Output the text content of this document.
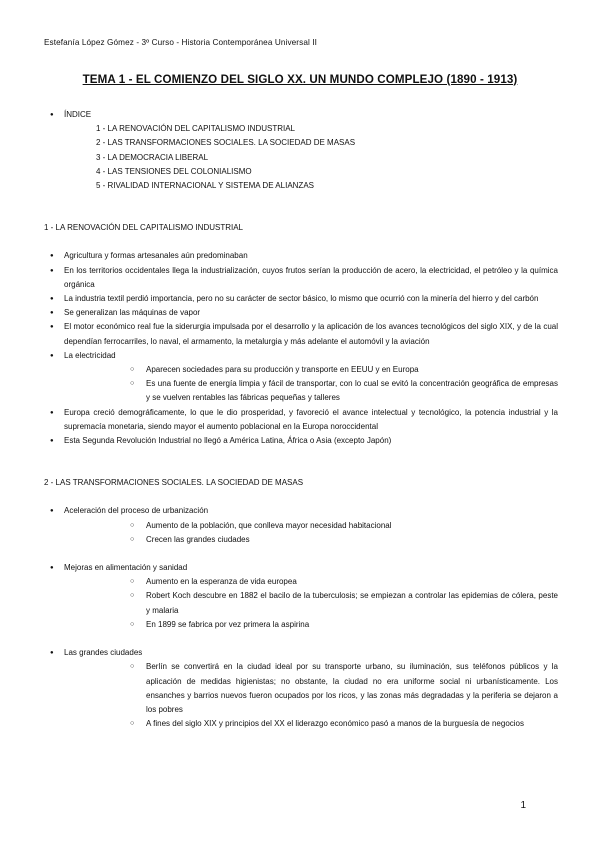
Estefanía López Gómez - 3º Curso - Historia Contemporánea Universal II
TEMA 1 - EL COMIENZO DEL SIGLO XX. UN MUNDO COMPLEJO (1890 - 1913)
● ÍNDICE
1 - LA RENOVACIÓN DEL CAPITALISMO INDUSTRIAL
2 - LAS TRANSFORMACIONES SOCIALES. LA SOCIEDAD DE MASAS
3 - LA DEMOCRACIA LIBERAL
4 - LAS TENSIONES DEL COLONIALISMO
5 - RIVALIDAD INTERNACIONAL Y SISTEMA DE ALIANZAS
1 - LA RENOVACIÓN DEL CAPITALISMO INDUSTRIAL
● Agricultura y formas artesanales aún predominaban
● En los territorios occidentales llega la industrialización, cuyos frutos serían la producción de acero, la electricidad, el petróleo y la química orgánica
● La industria textil perdió importancia, pero no su carácter de sector básico, lo mismo que ocurrió con la minería del hierro y del carbón
● Se generalizan las máquinas de vapor
● El motor económico real fue la siderurgia impulsada por el desarrollo y la aplicación de los avances tecnológicos del siglo XIX, y de la cual dependían ferrocarriles, lo naval, el armamento, la metalurgia y más adelante el automóvil y la aviación
● La electricidad
○ Aparecen sociedades para su producción y transporte en EEUU y en Europa
○ Es una fuente de energía limpia y fácil de transportar, con lo cual se evitó la concentración geográfica de empresas y se vuelven rentables las fábricas pequeñas y talleres
● Europa creció demográficamente, lo que le dio prosperidad, y favoreció el avance intelectual y tecnológico, la potencia industrial y la supremacía monetaria, siendo mayor el aumento poblacional en la Europa noroccidental
● Esta Segunda Revolución Industrial no llegó a América Latina, África o Asia (excepto Japón)
2 - LAS TRANSFORMACIONES SOCIALES. LA SOCIEDAD DE MASAS
● Aceleración del proceso de urbanización
○ Aumento de la población, que conlleva mayor necesidad habitacional
○ Crecen las grandes ciudades
● Mejoras en alimentación y sanidad
○ Aumento en la esperanza de vida europea
○ Robert Koch descubre en 1882 el bacilo de la tuberculosis; se empiezan a controlar las epidemias de cólera, peste y malaria
○ En 1899 se fabrica por vez primera la aspirina
● Las grandes ciudades
○ Berlín se convertirá en la ciudad ideal por su transporte urbano, su iluminación, sus teléfonos públicos y la aplicación de medidas higienistas; no obstante, la ciudad no era uniforme social ni urbanísticamente. Los ensanches y barrios nuevos fueron ocupados por los ricos, y las zonas más degradadas y la periferia se dejaron a los pobres
○ A fines del siglo XIX y principios del XX el liderazgo económico pasó a manos de la burguesía de negocios
1
